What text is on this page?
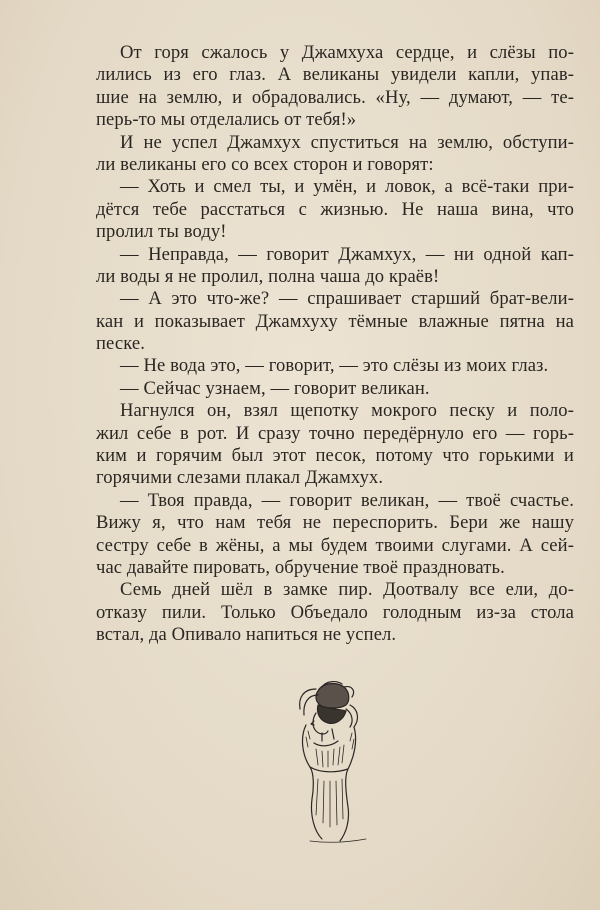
От горя сжалось у Джамхуха сердце, и слёзы по-
лились из его глаз. А великаны увидели капли, упав-
шие на землю, и обрадовались. «Ну, — думают, — те-
перь-то мы отделались от тебя!»
И не успел Джамхух спуститься на землю, обступи-
ли великаны его со всех сторон и говорят:
— Хоть и смел ты, и умён, и ловок, а всё-таки при-
дётся тебе расстаться с жизнью. Не наша вина, что
пролил ты воду!
— Неправда, — говорит Джамхух, — ни одной кап-
ли воды я не пролил, полна чаша до краёв!
— А это что-же? — спрашивает старший брат-вели-
кан и показывает Джамхуху тёмные влажные пятна на
песке.
— Не вода это, — говорит, — это слёзы из моих глаз.
— Сейчас узнаем, — говорит великан.
Нагнулся он, взял щепотку мокрого песку и поло-
жил себе в рот. И сразу точно передёрнуло его — горь-
ким и горячим был этот песок, потому что горькими и
горячими слезами плакал Джамхух.
— Твоя правда, — говорит великан, — твоё счастье.
Вижу я, что нам тебя не переспорить. Бери же нашу
сестру себе в жёны, а мы будем твоими слугами. А сей-
час давайте пировать, обручение твоё праздновать.
Семь дней шёл в замке пир. Доотвалу все ели, до-
отказу пили. Только Объедало голодным из-за стола
встал, да Опивало напиться не успел.
